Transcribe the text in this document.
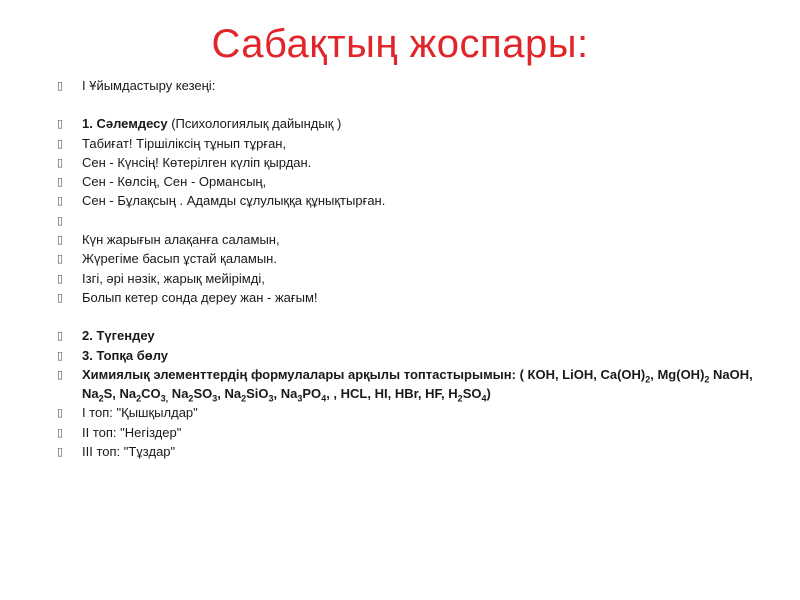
Сабақтың жоспары:
▯	І Ұйымдастыру кезеңі:
▯	1. Сәлемдесу (Психологиялық дайындық )
▯	Табиғат! Тіршіліксің тұнып тұрған,
▯	Сен - Күнсің! Көтерілген күліп қырдан.
▯	Сен - Көлсің, Сен - Ормансың,
▯	Сен - Бұлақсың . Адамды сұлулыққа құнықтырған.
▯
▯	Күн жарығын алақанға саламын,
▯	Жүрегіме басып ұстай қаламын.
▯	Ізгі, әрі нәзік, жарық мейірімді,
▯	Болып кетер сонда дереу жан - жағым!
▯	2. Түгендеу
▯	3. Топқа бөлу
▯	Химиялық элементтердің формулалары арқылы топтастырымын: ( КОН, LiOH, $Ca(OH)_2$, $Mg(OH)_2$ NaOH, $Na_2S$, $Na_2CO_{3,}$ $Na_2SO_3$, $Na_2SiO_3$, $Na_3PO_4$, , HCL, HI, HBr, HF, $H_2SO_4$)
▯	І топ: "Қышқылдар"
▯	ІІ топ: "Негіздер"
▯	ІІІ топ: "Тұздар"
